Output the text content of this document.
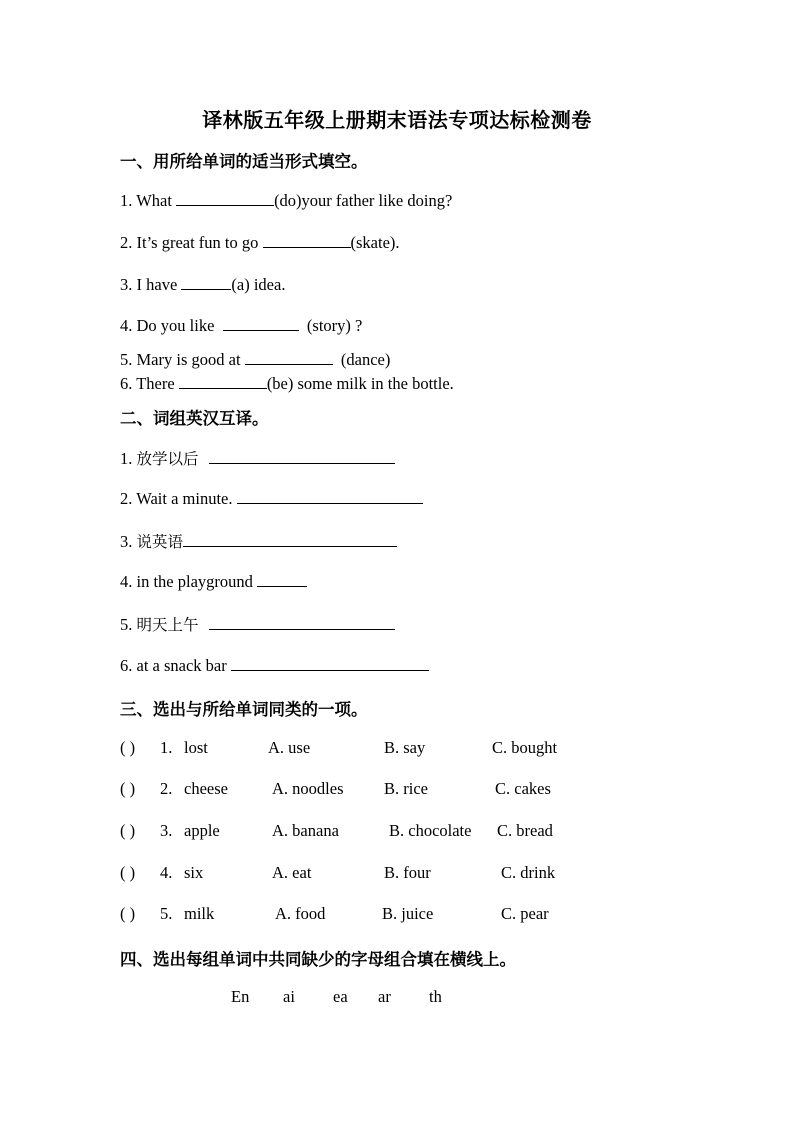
译林版五年级上册期末语法专项达标检测卷
一、用所给单词的适当形式填空。
1. What	(do)your father like doing?
2. It’s great fun to go	(skate).
3. I have	(a) idea.
4. Do you like	(story) ?
5. Mary is good at	(dance)
6. There	(be) some milk in the bottle.
二、词组英汉互译。
1. 放学以后
2. Wait a minute.
3. 说英语
4. in the playground
5. 明天上午
6. at a snack bar
三、选出与所给单词同类的一项。
( ) 1. lost	A. use	B. say	C. bought
( ) 2. cheese	A. noodles B. rice	C. cakes
( ) 3. apple	A. banana	B. chocolate C. bread
( ) 4. six	A. eat	B. four	C. drink
( ) 5. milk	A. food	B. juice	C. pear
四、选出每组单词中共同缺少的字母组合填在横线上。
En ai ea ar th
